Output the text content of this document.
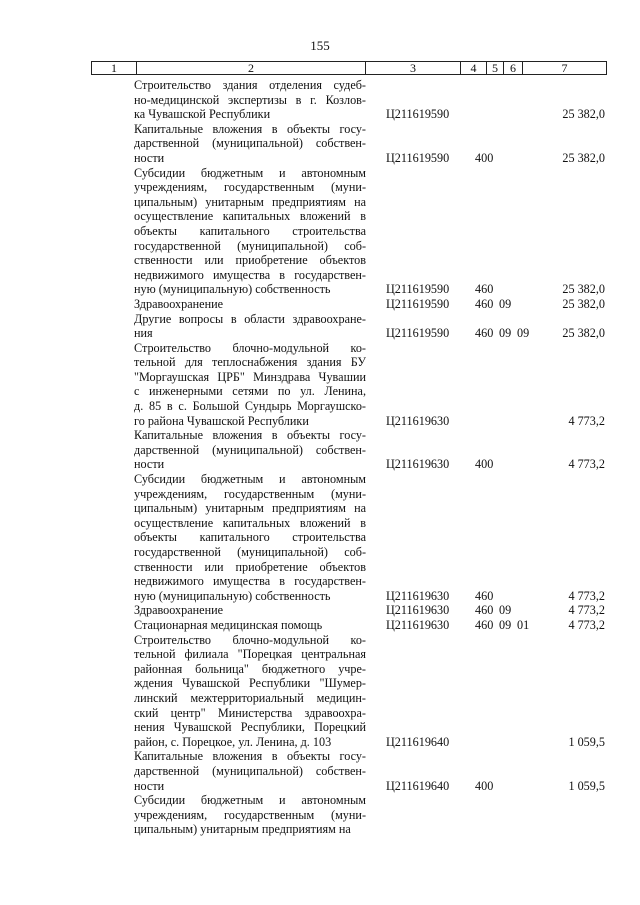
155
1	2	3	4	5	6	7
Строительство здания отделения судеб-
но-медицинской экспертизы в г. Козлов-
ка Чувашской Республики	Ц211619590	25 382,0
Капитальные вложения в объекты госу-
дарственной (муниципальной) собствен-
ности	Ц211619590 400	25 382,0
Субсидии бюджетным и автономным
учреждениям, государственным (муни-
ципальным) унитарным предприятиям на
осуществление капитальных вложений в
объекты капитального строительства
государственной (муниципальной) соб-
ственности или приобретение объектов
недвижимого имущества в государствен-
ную (муниципальную) собственность	Ц211619590 460	25 382,0
Здравоохранение	Ц211619590 460 09	25 382,0
Другие вопросы в области здравоохране-
ния	Ц211619590 460 09 09	25 382,0
Строительство блочно-модульной ко-
тельной для теплоснабжения здания БУ
"Моргаушская ЦРБ" Минздрава Чувашии
с инженерными сетями по ул. Ленина,
д. 85 в с. Большой Сундырь Моргаушско-
го района Чувашской Республики	Ц211619630	4 773,2
Капитальные вложения в объекты госу-
дарственной (муниципальной) собствен-
ности	Ц211619630 400	4 773,2
Субсидии бюджетным и автономным
учреждениям, государственным (муни-
ципальным) унитарным предприятиям на
осуществление капитальных вложений в
объекты капитального строительства
государственной (муниципальной) соб-
ственности или приобретение объектов
недвижимого имущества в государствен-
ную (муниципальную) собственность	Ц211619630 460	4 773,2
Здравоохранение	Ц211619630 460 09	4 773,2
Стационарная медицинская помощь	Ц211619630 460 09 01	4 773,2
Строительство блочно-модульной ко-
тельной филиала "Порецкая центральная
районная больница" бюджетного учре-
ждения Чувашской Республики "Шумер-
линский межтерриториальный медицин-
ский центр" Министерства здравоохра-
нения Чувашской Республики, Порецкий
район, с. Порецкое, ул. Ленина, д. 103	Ц211619640	1 059,5
Капитальные вложения в объекты госу-
дарственной (муниципальной) собствен-
ности	Ц211619640 400	1 059,5
Субсидии бюджетным и автономным
учреждениям, государственным (муни-
ципальным) унитарным предприятиям на
